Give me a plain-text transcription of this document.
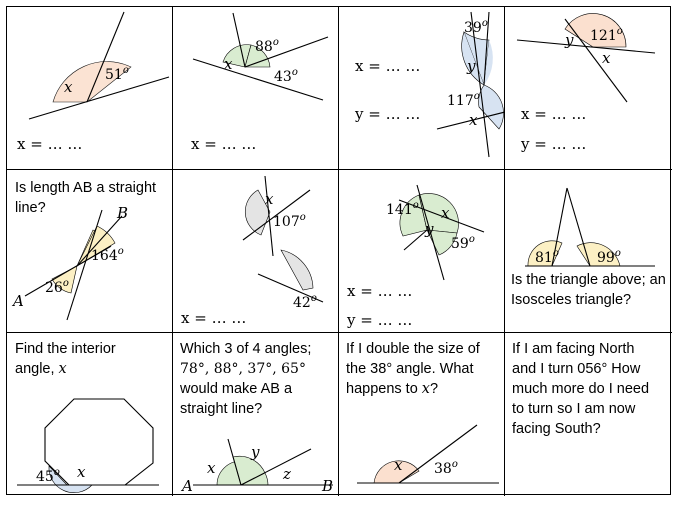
x
51$^o$
x = … …
x
88$^o$
43$^o$
x = … …
39$^o$
y
117$^o$
x
x = … …
y = … …
y 121$^o$
x
x = … …
y = … …
Is length AB a straight line?
A
B
164$^o$
26$^o$
x
107$^o$
42$^o$
x = … …
141$^o$ x
y
59$^o$
x = … …
y = … …
81$^o$	99$^o$
Is the triangle above; an Isosceles triangle?
Find the interior
angle, x
45$^o$ x
Which 3 of 4 angles;
78°, 88°, 37°, 65°
would make AB a straight line?
x
y
z
A	B
If I double the size of the 38° angle. What happens to x?
x 38$^o$
If I am facing North and I turn 056° How much more do I need to turn so I am now facing South?
